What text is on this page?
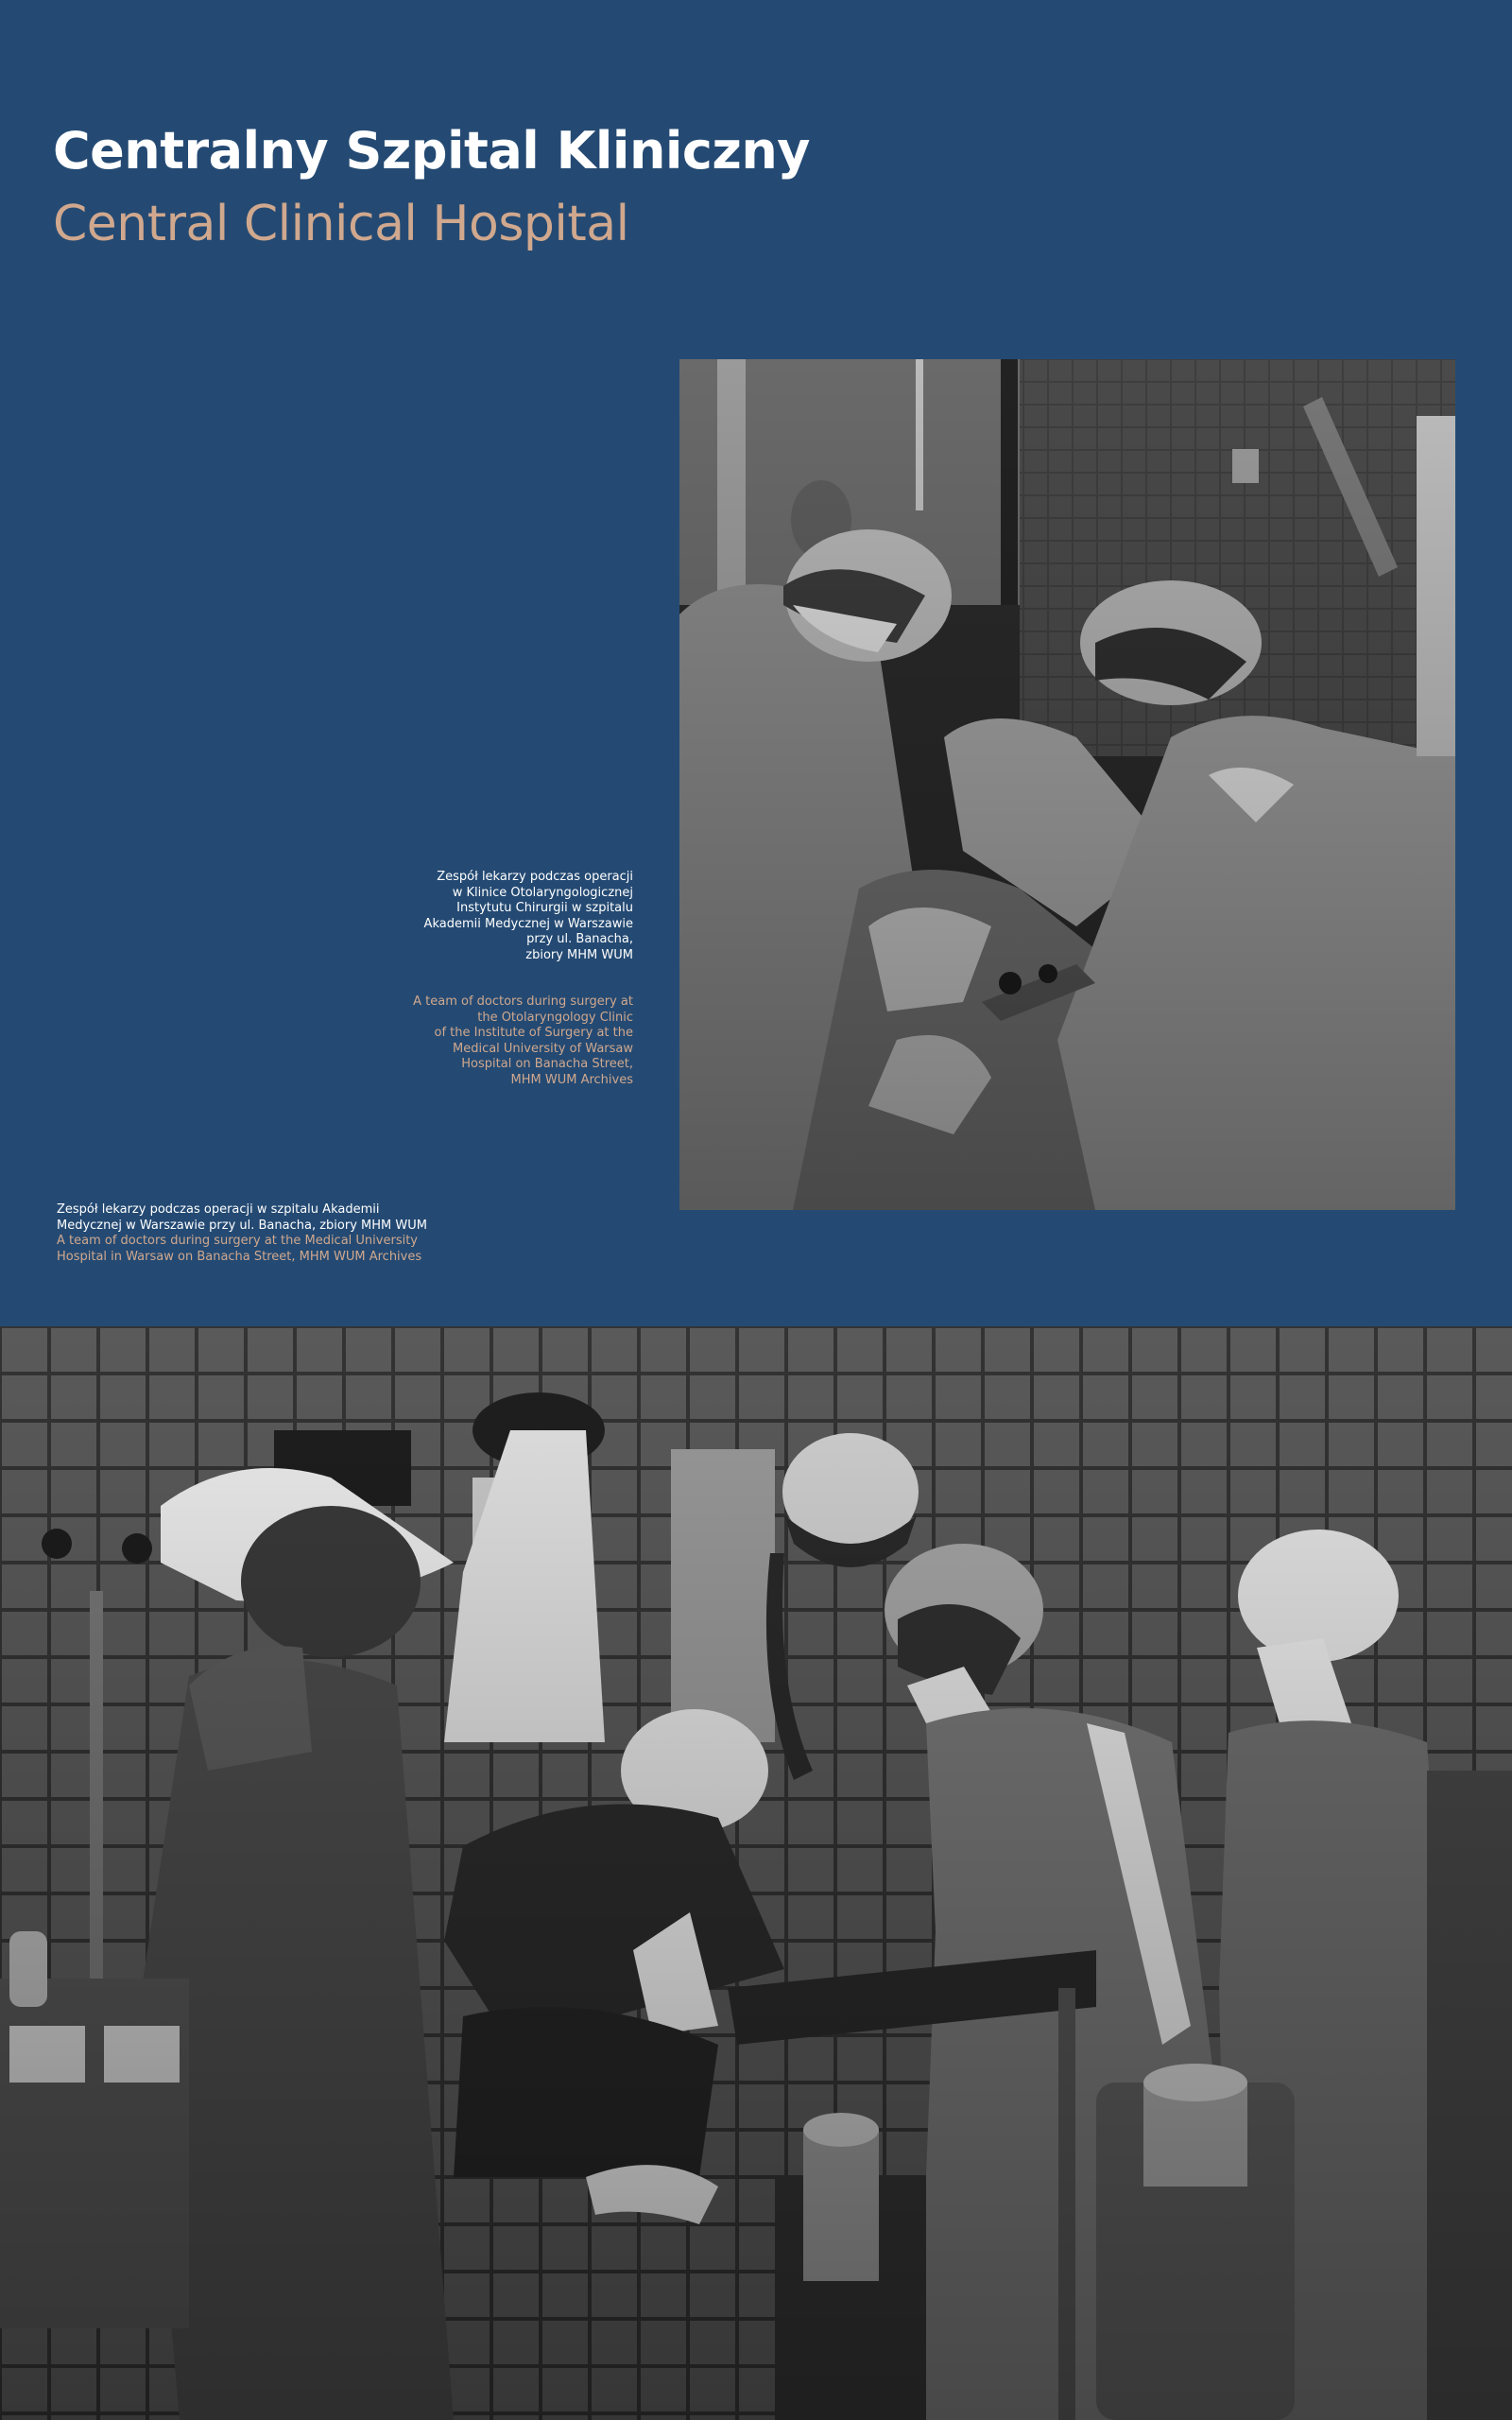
Centralny Szpital Kliniczny
Central Clinical Hospital

Zespół lekarzy podczas operacji
w Klinice Otolaryngologicznej
Instytutu Chirurgii w szpitalu
Akademii Medycznej w Warszawie
przy ul. Banacha,
zbiory MHM WUM

A team of doctors during surgery at
the Otolaryngology Clinic
of the Institute of Surgery at the
Medical University of Warsaw
Hospital on Banacha Street,
MHM WUM Archives

Zespół lekarzy podczas operacji w szpitalu Akademii
Medycznej w Warszawie przy ul. Banacha, zbiory MHM WUM

A team of doctors during surgery at the Medical University
Hospital in Warsaw on Banacha Street, MHM WUM Archives
